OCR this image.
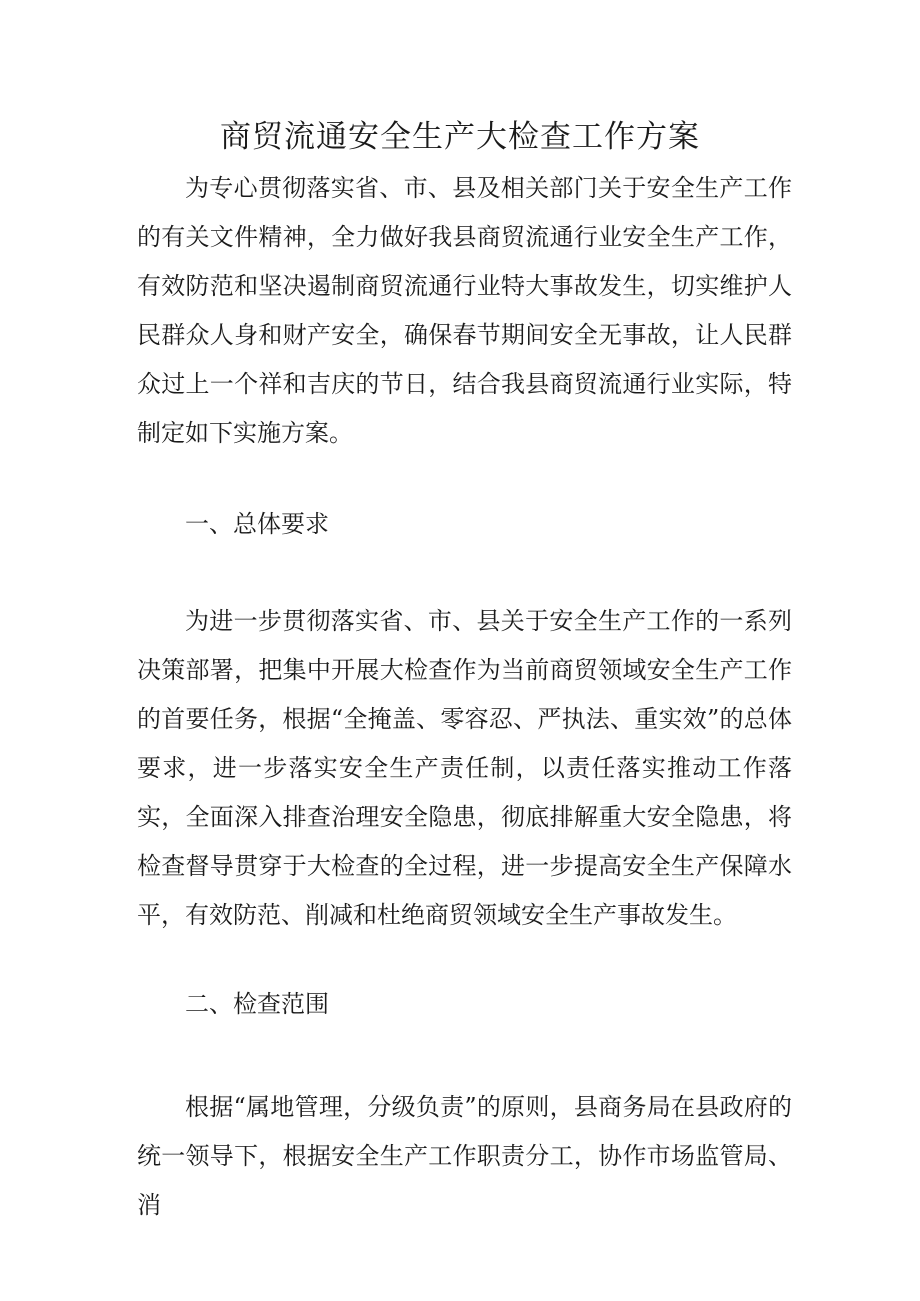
商贸流通安全生产大检查工作方案

为专心贯彻落实省、市、县及相关部门关于安全生产工作的有关文件精神，全力做好我县商贸流通行业安全生产工作，有效防范和坚决遏制商贸流通行业特大事故发生，切实维护人民群众人身和财产安全，确保春节期间安全无事故，让人民群众过上一个祥和吉庆的节日，结合我县商贸流通行业实际，特制定如下实施方案。

一、总体要求

为进一步贯彻落实省、市、县关于安全生产工作的一系列决策部署，把集中开展大检查作为当前商贸领域安全生产工作的首要任务，根据“全掩盖、零容忍、严执法、重实效”的总体要求，进一步落实安全生产责任制，以责任落实推动工作落实，全面深入排查治理安全隐患，彻底排解重大安全隐患，将检查督导贯穿于大检查的全过程，进一步提高安全生产保障水平，有效防范、削减和杜绝商贸领域安全生产事故发生。

二、检查范围

根据“属地管理，分级负责”的原则，县商务局在县政府的统一领导下，根据安全生产工作职责分工，协作市场监管局、消
